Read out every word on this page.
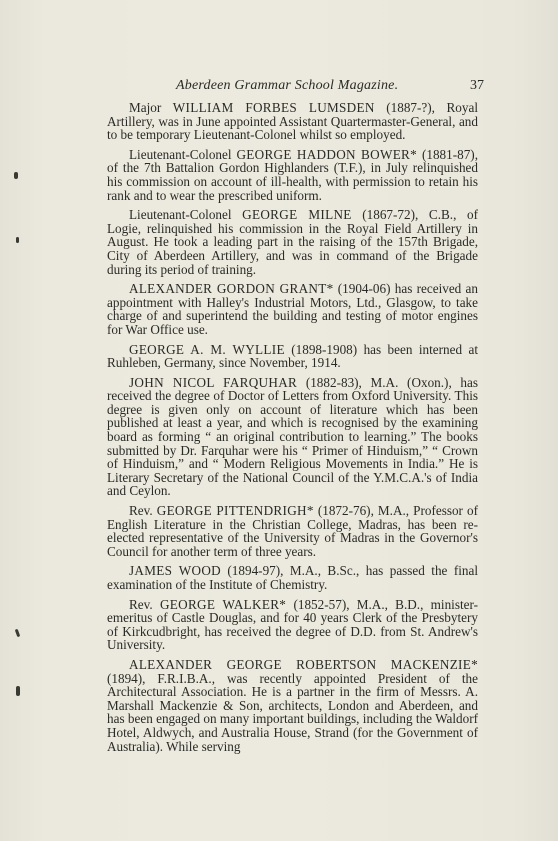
Aberdeen Grammar School Magazine.	37

Major WILLIAM FORBES LUMSDEN (1887-?), Royal Artillery, was in June appointed Assistant Quartermaster-General, and to be temporary Lieutenant-Colonel whilst so employed.

Lieutenant-Colonel GEORGE HADDON BOWER* (1881-87), of the 7th Battalion Gordon Highlanders (T.F.), in July relinquished his commission on account of ill-health, with permission to retain his rank and to wear the prescribed uniform.

Lieutenant-Colonel GEORGE MILNE (1867-72), C.B., of Logie, relinquished his commission in the Royal Field Artillery in August. He took a leading part in the raising of the 157th Brigade, City of Aberdeen Artillery, and was in command of the Brigade during its period of training.

ALEXANDER GORDON GRANT* (1904-06) has received an appointment with Halley's Industrial Motors, Ltd., Glasgow, to take charge of and superintend the building and testing of motor engines for War Office use.

GEORGE A. M. WYLLIE (1898-1908) has been interned at Ruhleben, Germany, since November, 1914.

JOHN NICOL FARQUHAR (1882-83), M.A. (Oxon.), has received the degree of Doctor of Letters from Oxford University. This degree is given only on account of literature which has been published at least a year, and which is recognised by the examining board as forming “ an original contribution to learning.” The books submitted by Dr. Farquhar were his “ Primer of Hinduism,” “ Crown of Hinduism,” and “ Modern Religious Movements in India.” He is Literary Secretary of the National Council of the Y.M.C.A.'s of India and Ceylon.

Rev. GEORGE PITTENDRIGH* (1872-76), M.A., Professor of English Literature in the Christian College, Madras, has been re-elected representative of the University of Madras in the Governor's Council for another term of three years.

JAMES WOOD (1894-97), M.A., B.Sc., has passed the final examination of the Institute of Chemistry.

Rev. GEORGE WALKER* (1852-57), M.A., B.D., minister-emeritus of Castle Douglas, and for 40 years Clerk of the Presbytery of Kirkcudbright, has received the degree of D.D. from St. Andrew's University.

ALEXANDER GEORGE ROBERTSON MACKENZIE* (1894), F.R.I.B.A., was recently appointed President of the Architectural Association. He is a partner in the firm of Messrs. A. Marshall Mackenzie & Son, architects, London and Aberdeen, and has been engaged on many important buildings, including the Waldorf Hotel, Aldwych, and Australia House, Strand (for the Government of Australia). While serving
